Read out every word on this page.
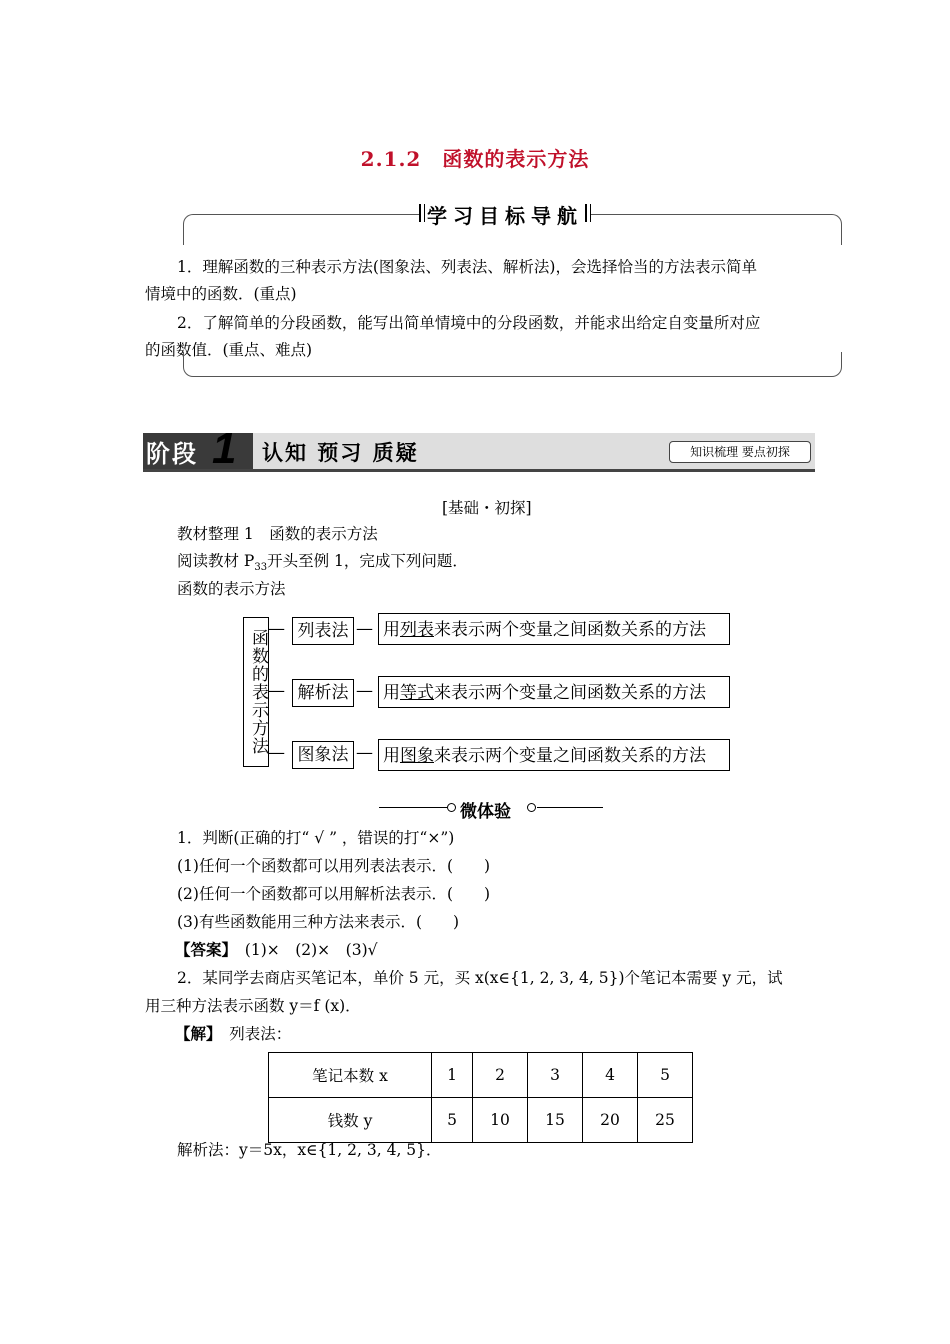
2.1.2　函数的表示方法
学习目标导航
1．理解函数的三种表示方法(图象法、列表法、解析法)，会选择恰当的方法表示简单
情境中的函数．(重点)
2．了解简单的分段函数，能写出简单情境中的分段函数，并能求出给定自变量所对应
的函数值．(重点、难点)
阶段 1 认知 预习 质疑	知识梳理 要点初探
[基础・初探]
教材整理 1　函数的表示方法
阅读教材 $P_{33}$开头至例 1，完成下列问题．
函数的表示方法
函数的表示方法 — 列表法 — 用列表来表示两个变量之间函数关系的方法
— 解析法 — 用等式来表示两个变量之间函数关系的方法
— 图象法 — 用图象来表示两个变量之间函数关系的方法
微体验
1．判断(正确的打“ √ ” ，错误的打“×”)
(1)任何一个函数都可以用列表法表示．(　　)
(2)任何一个函数都可以用解析法表示．(　　)
(3)有些函数能用三种方法来表示．(　　)
【答案】　 (1)×　(2)×　(3)√
2．某同学去商店买笔记本，单价 5 元，买 x(x∈{1, 2, 3, 4, 5})个笔记本需要 y 元，试
用三种方法表示函数 y＝f (x)．
【解】　 列表法：
笔记本数 x	1	2	3	4	5
钱数 y	5	10	15	20	25
解析法：y＝5x，x∈{1, 2, 3, 4, 5}．
